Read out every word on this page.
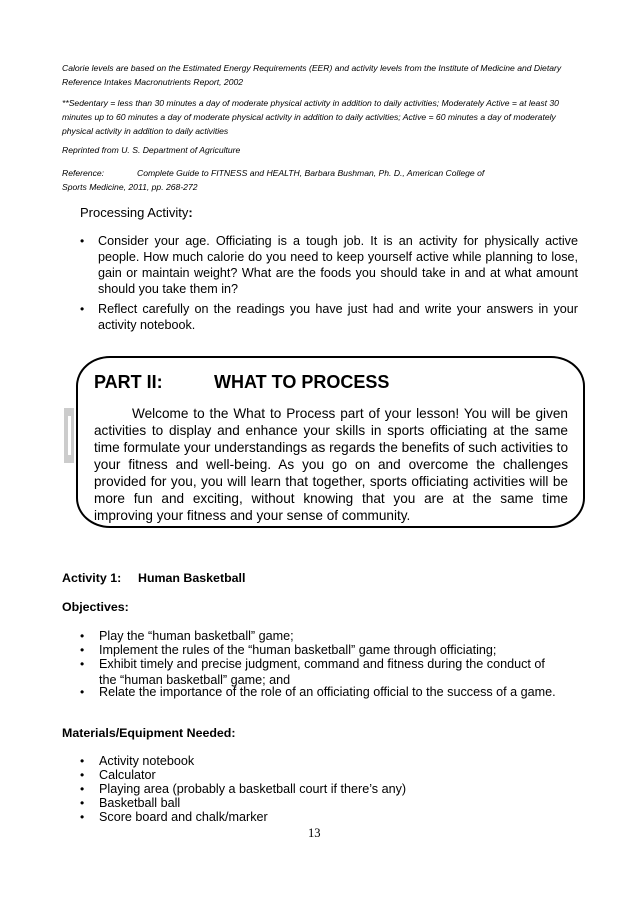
Calorie levels are based on the Estimated Energy Requirements (EER) and activity levels from the Institute of Medicine and Dietary Reference Intakes Macronutrients Report, 2002
**Sedentary = less than 30 minutes a day of moderate physical activity in addition to daily activities; Moderately Active = at least 30 minutes up to 60 minutes a day of moderate physical activity in addition to daily activities; Active = 60 minutes a day of moderately physical activity in addition to daily activities
Reprinted from U. S. Department of Agriculture
Reference:	Complete Guide to FITNESS and HEALTH, Barbara Bushman, Ph. D., American College of
Sports Medicine, 2011, pp. 268-272
Processing Activity:
•	Consider your age. Officiating is a tough job. It is an activity for physically active people. How much calorie do you need to keep yourself active while planning to lose, gain or maintain weight? What are the foods you should take in and at what amount should you take them in?
•	Reflect carefully on the readings you have just had and write your answers in your activity notebook.
PART II:	WHAT TO PROCESS
Welcome to the What to Process part of your lesson! You will be given activities to display and enhance your skills in sports officiating at the same time formulate your understandings as regards the benefits of such activities to your fitness and well-being. As you go on and overcome the challenges provided for you, you will learn that together, sports officiating activities will be more fun and exciting, without knowing that you are at the same time improving your fitness and your sense of community.
Activity 1: Human Basketball
Objectives:
•	Play the “human basketball” game;
•	Implement the rules of the “human basketball” game through officiating;
•	Exhibit timely and precise judgment, command and fitness during the conduct of the “human basketball” game; and
•	Relate the importance of the role of an officiating official to the success of a game.
Materials/Equipment Needed:
•	Activity notebook
•	Calculator
•	Playing area (probably a basketball court if there’s any)
•	Basketball ball
•	Score board and chalk/marker
13
